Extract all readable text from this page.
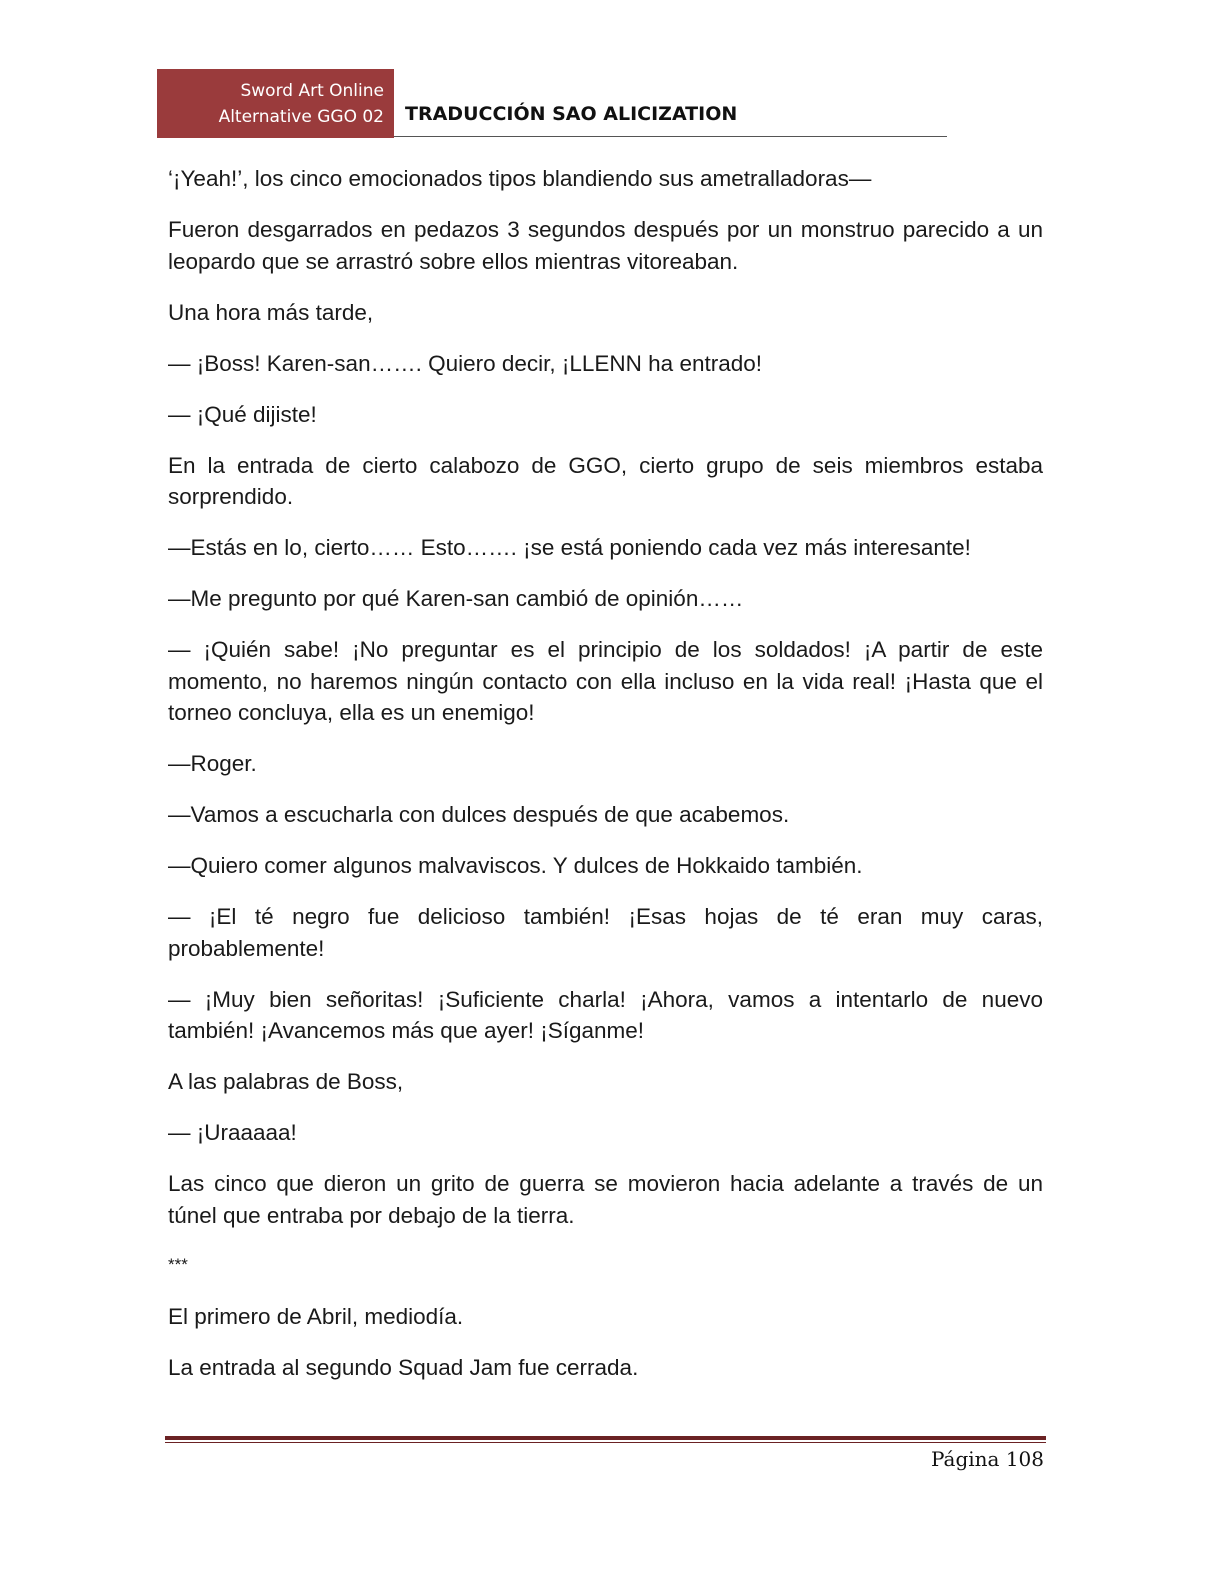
Sword Art Online
Alternative GGO 02 TRADUCCIÓN SAO ALICIZATION

‘¡Yeah!’, los cinco emocionados tipos blandiendo sus ametralladoras—

Fueron desgarrados en pedazos 3 segundos después por un monstruo parecido a un leopardo que se arrastró sobre ellos mientras vitoreaban.

Una hora más tarde,

— ¡Boss! Karen-san……. Quiero decir, ¡LLENN ha entrado!

— ¡Qué dijiste!

En la entrada de cierto calabozo de GGO, cierto grupo de seis miembros estaba sorprendido.

—Estás en lo, cierto…… Esto……. ¡se está poniendo cada vez más interesante!

—Me pregunto por qué Karen-san cambió de opinión……

— ¡Quién sabe! ¡No preguntar es el principio de los soldados! ¡A partir de este momento, no haremos ningún contacto con ella incluso en la vida real! ¡Hasta que el torneo concluya, ella es un enemigo!

—Roger.

—Vamos a escucharla con dulces después de que acabemos.

—Quiero comer algunos malvaviscos. Y dulces de Hokkaido también.

— ¡El té negro fue delicioso también! ¡Esas hojas de té eran muy caras, probablemente!

— ¡Muy bien señoritas! ¡Suficiente charla! ¡Ahora, vamos a intentarlo de nuevo también! ¡Avancemos más que ayer! ¡Síganme!

A las palabras de Boss,

— ¡Uraaaaa!

Las cinco que dieron un grito de guerra se movieron hacia adelante a través de un túnel que entraba por debajo de la tierra.

***

El primero de Abril, mediodía.

La entrada al segundo Squad Jam fue cerrada.

Página 108
